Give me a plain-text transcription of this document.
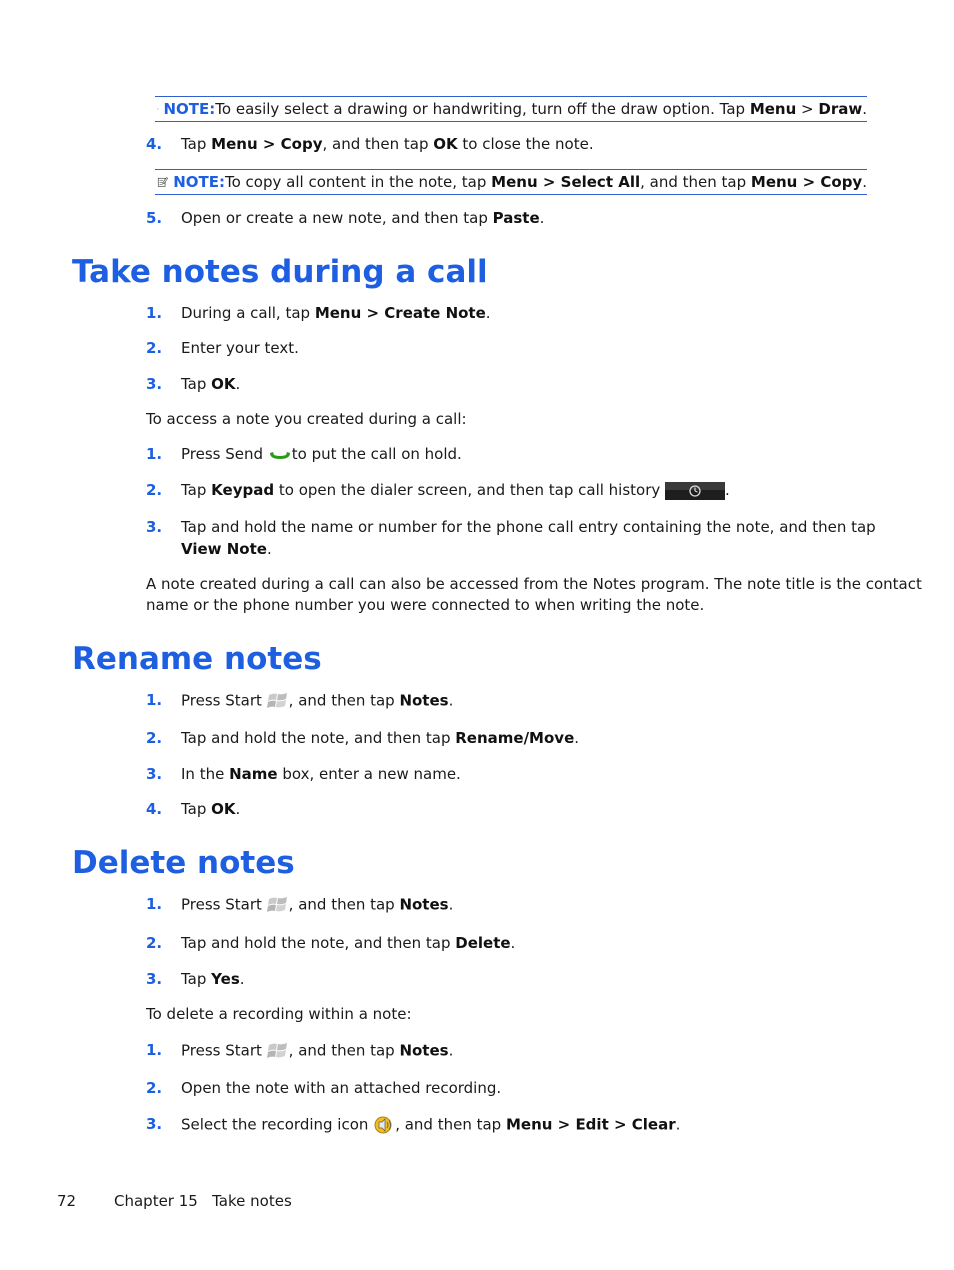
NOTE: To easily select a drawing or handwriting, turn off the draw option. Tap Menu > Draw.
4. Tap Menu > Copy, and then tap OK to close the note.
NOTE: To copy all content in the note, tap Menu > Select All, and then tap Menu > Copy.
5. Open or create a new note, and then tap Paste.
Take notes during a call
1. During a call, tap Menu > Create Note.
2. Enter your text.
3. Tap OK.
To access a note you created during a call:
1. Press Send to put the call on hold.
2. Tap Keypad to open the dialer screen, and then tap call history	.
3. Tap and hold the name or number for the phone call entry containing the note, and then tap
View Note.
A note created during a call can also be accessed from the Notes program. The note title is the contact
name or the phone number you were connected to when writing the note.
Rename notes
1. Press Start , and then tap Notes.
2. Tap and hold the note, and then tap Rename/Move.
3. In the Name box, enter a new name.
4. Tap OK.
Delete notes
1. Press Start , and then tap Notes.
2. Tap and hold the note, and then tap Delete.
3. Tap Yes.
To delete a recording within a note:
1. Press Start , and then tap Notes.
2. Open the note with an attached recording.
3. Select the recording icon , and then tap Menu > Edit > Clear.
72	Chapter 15   Take notes
